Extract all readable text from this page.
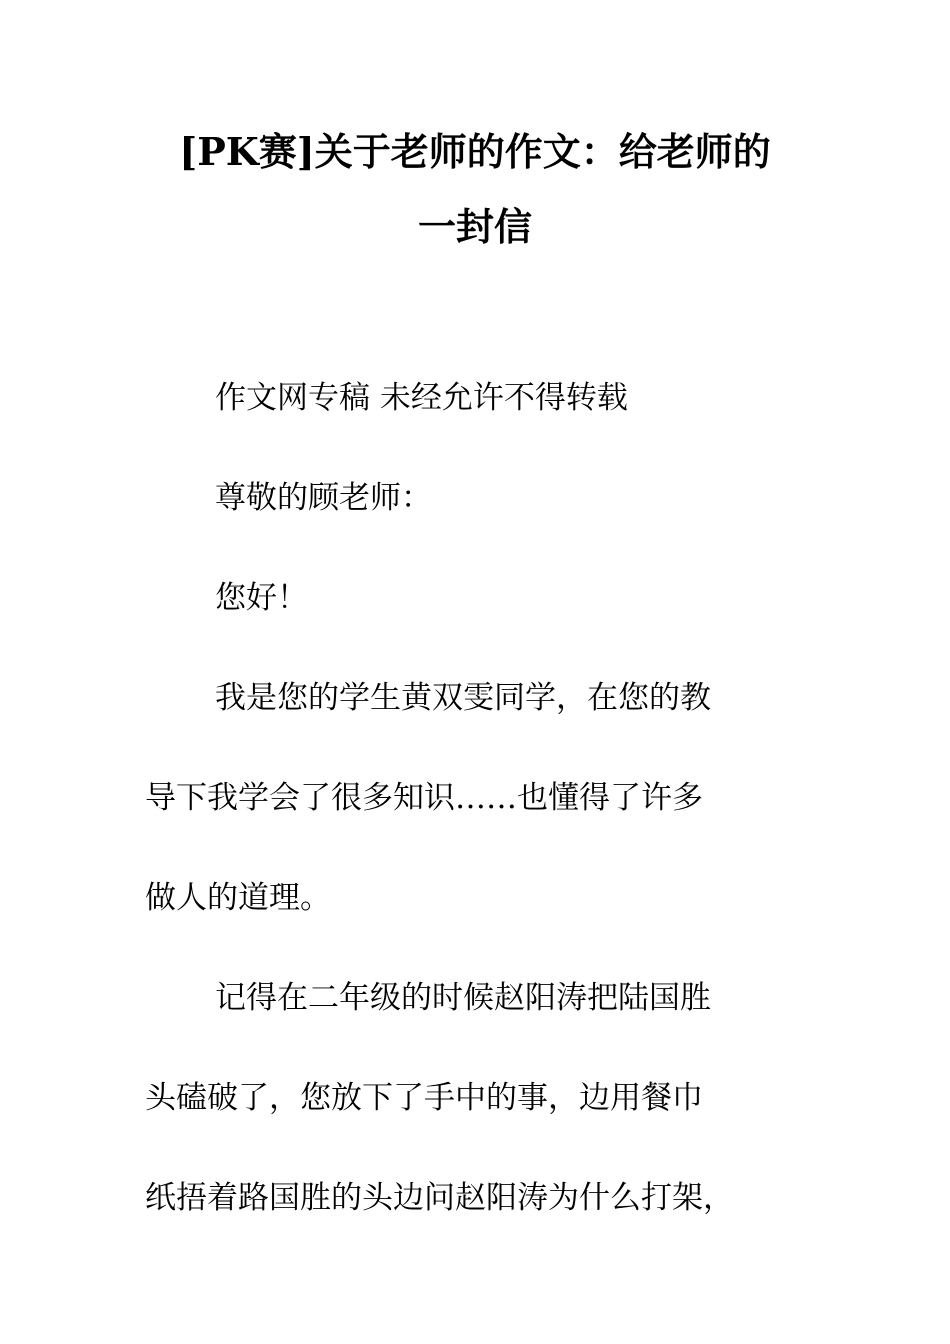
[PK赛]关于老师的作文：给老师的
一封信
作文网专稿 未经允许不得转载
尊敬的顾老师：
您好！
我是您的学生黄双雯同学，在您的教
导下我学会了很多知识……也懂得了许多
做人的道理。
记得在二年级的时候赵阳涛把陆国胜
头磕破了，您放下了手中的事，边用餐巾
纸捂着路国胜的头边问赵阳涛为什么打架，
